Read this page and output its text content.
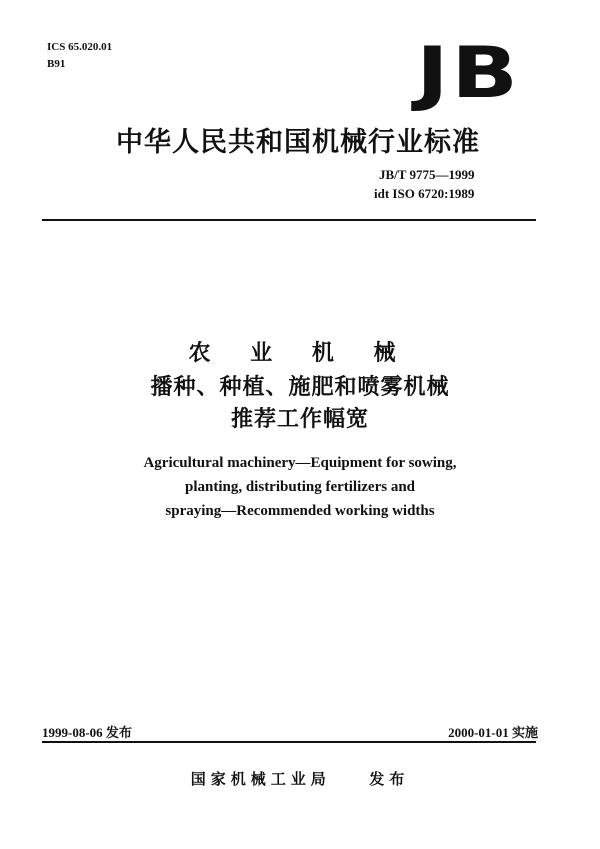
ICS 65.020.01
B91	JB
中华人民共和国机械行业标准
JB/T 9775—1999
idt ISO 6720:1989
农 业 机 械
播种、种植、施肥和喷雾机械
推荐工作幅宽
Agricultural machinery—Equipment for sowing,
planting, distributing fertilizers and
spraying—Recommended working widths
1999-08-06 发布	2000-01-01 实施
国家机械工业局	发布
